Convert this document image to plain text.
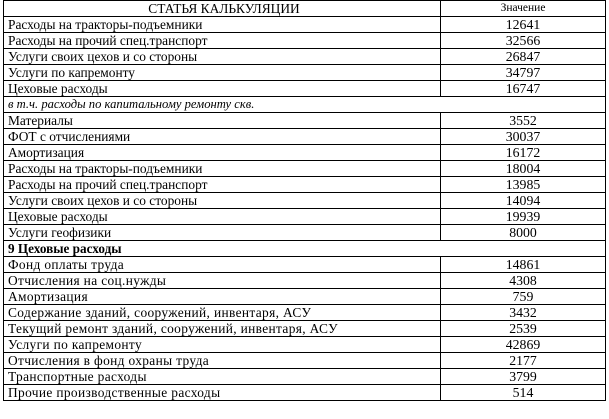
СТАТЬЯ КАЛЬКУЛЯЦИИ	Значение
Расходы на тракторы-подъемники	12641
Расходы на прочий спец.транспорт	32566
Услуги своих цехов и со стороны	26847
Услуги по капремонту	34797
Цеховые расходы	16747
в т.ч. расходы по капитальному ремонту скв.	
Материалы	3552
ФОТ с отчислениями	30037
Амортизация	16172
Расходы на тракторы-подъемники	18004
Расходы на прочий спец.транспорт	13985
Услуги своих цехов и со стороны	14094
Цеховые расходы	19939
Услуги геофизики	8000
9 Цеховые расходы	
Фонд оплаты труда	14861
Отчисления на соц.нужды	4308
Амортизация	759
Содержание зданий, сооружений, инвентаря, АСУ	3432
Текущий ремонт зданий, сооружений, инвентаря, АСУ	2539
Услуги по капремонту	42869
Отчисления в фонд охраны труда	2177
Транспортные расходы	3799
Прочие производственные расходы	514
